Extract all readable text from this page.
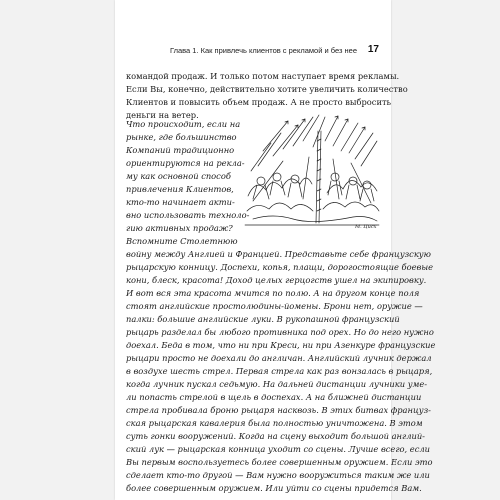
Глава 1. Как привлечь клиентов с рекламой и без нее 17
командой продаж. И только потом наступает время рекламы.
Если Вы, конечно, действительно хотите увеличить количество
Клиентов и повысить объем продаж. А не просто выбросить
деньги на ветер.
Что происходит, если на
рынке, где большинство
Компаний традиционно
ориентируются на рекла-
му как основной способ
привлечения Клиентов,
кто-то начинает акти-
вно использовать техноло-
гию активных продаж?
Вспомните Столетнюю
М. Цисх
войну между Англией и Францией. Представьте себе французскую
рыцарскую конницу. Доспехи, копья, плащи, дорогостоящие боевые
кони, блеск, красота! Доход целых герцогств ушел на экипировку.
И вот вся эта красота мчится по полю. А на другом конце поля
стоят английские простолюдины-йомены. Брони нет, оружие —
палки: большие английские луки. В рукопашной французский
рыцарь разделал бы любого противника под орех. Но до него нужно
доехал. Беда в том, что ни при Креси, ни при Азенкуре французские
рыцари просто не доехали до англичан. Английский лучник держал
в воздухе шесть стрел. Первая стрела как раз вонзалась в рыцаря,
когда лучник пускал седьмую. На дальней дистанции лучники уме-
ли попасть стрелой в щель в доспехах. А на ближней дистанции
стрела пробивала броню рыцаря насквозь. В этих битвах француз-
ская рыцарская кавалерия была полностью уничтожена. В этом
суть гонки вооружений. Когда на сцену выходит большой англий-
ский лук — рыцарская конница уходит со сцены. Лучше всего, если
Вы первым воспользуетесь более совершенным оружием. Если это
сделает кто-то другой — Вам нужно вооружиться таким же или
более совершенным оружием. Или уйти со сцены придется Вам.
